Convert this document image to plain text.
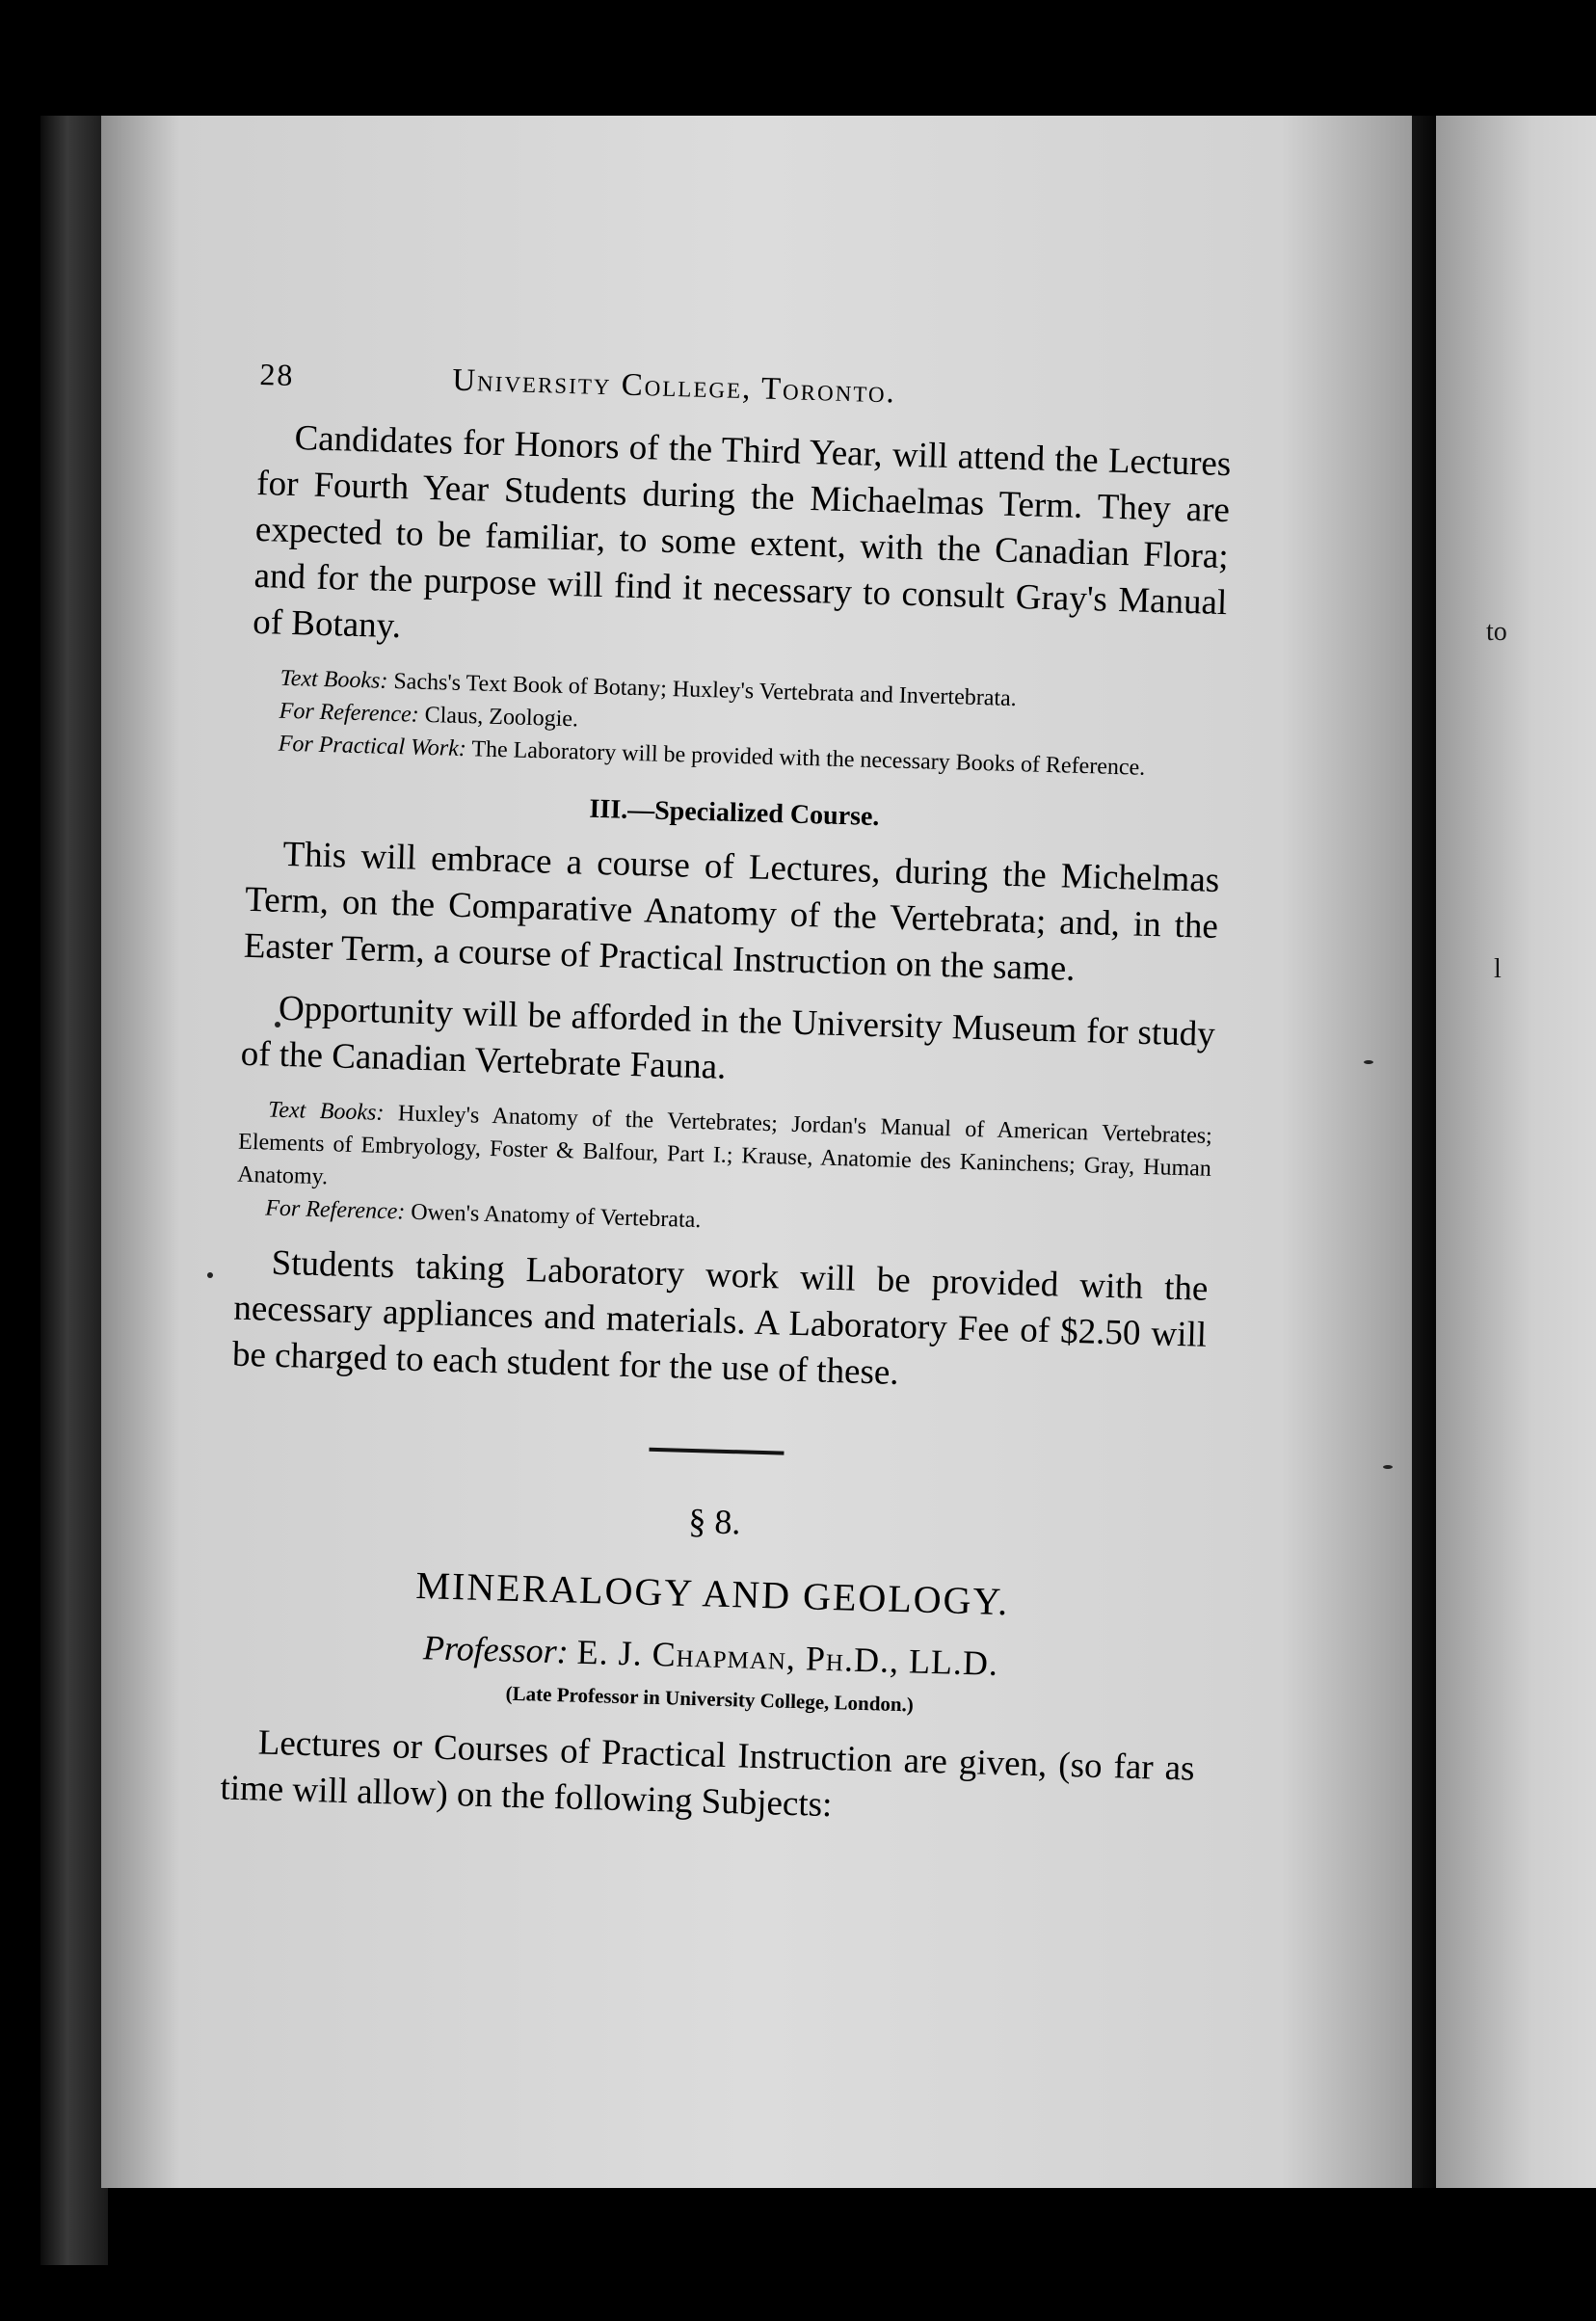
to
l
28	University College, Toronto.

Candidates for Honors of the Third Year, will attend the Lectures for Fourth Year Students during the Michaelmas Term. They are expected to be familiar, to some extent, with the Canadian Flora; and for the purpose will find it necessary to consult Gray's Manual of Botany.

Text Books: Sachs's Text Book of Botany; Huxley's Vertebrata and Invertebrata.

For Reference: Claus, Zoologie.

For Practical Work: The Laboratory will be provided with the necessary Books of Reference.

III.—Specialized Course.

This will embrace a course of Lectures, during the Michelmas Term, on the Comparative Anatomy of the Vertebrata; and, in the Easter Term, a course of Practical Instruction on the same.

Opportunity will be afforded in the University Museum for study of the Canadian Vertebrate Fauna.

Text Books: Huxley's Anatomy of the Vertebrates; Jordan's Manual of American Vertebrates; Elements of Embryology, Foster & Balfour, Part I.; Krause, Anatomie des Kaninchens; Gray, Human Anatomy.

For Reference: Owen's Anatomy of Vertebrata.

Students taking Laboratory work will be provided with the necessary appliances and materials. A Laboratory Fee of $2.50 will be charged to each student for the use of these.

§ 8.
MINERALOGY AND GEOLOGY.
Professor: E. J. Chapman, Ph.D., LL.D.
(Late Professor in University College, London.)

Lectures or Courses of Practical Instruction are given, (so far as time will allow) on the following Subjects:
